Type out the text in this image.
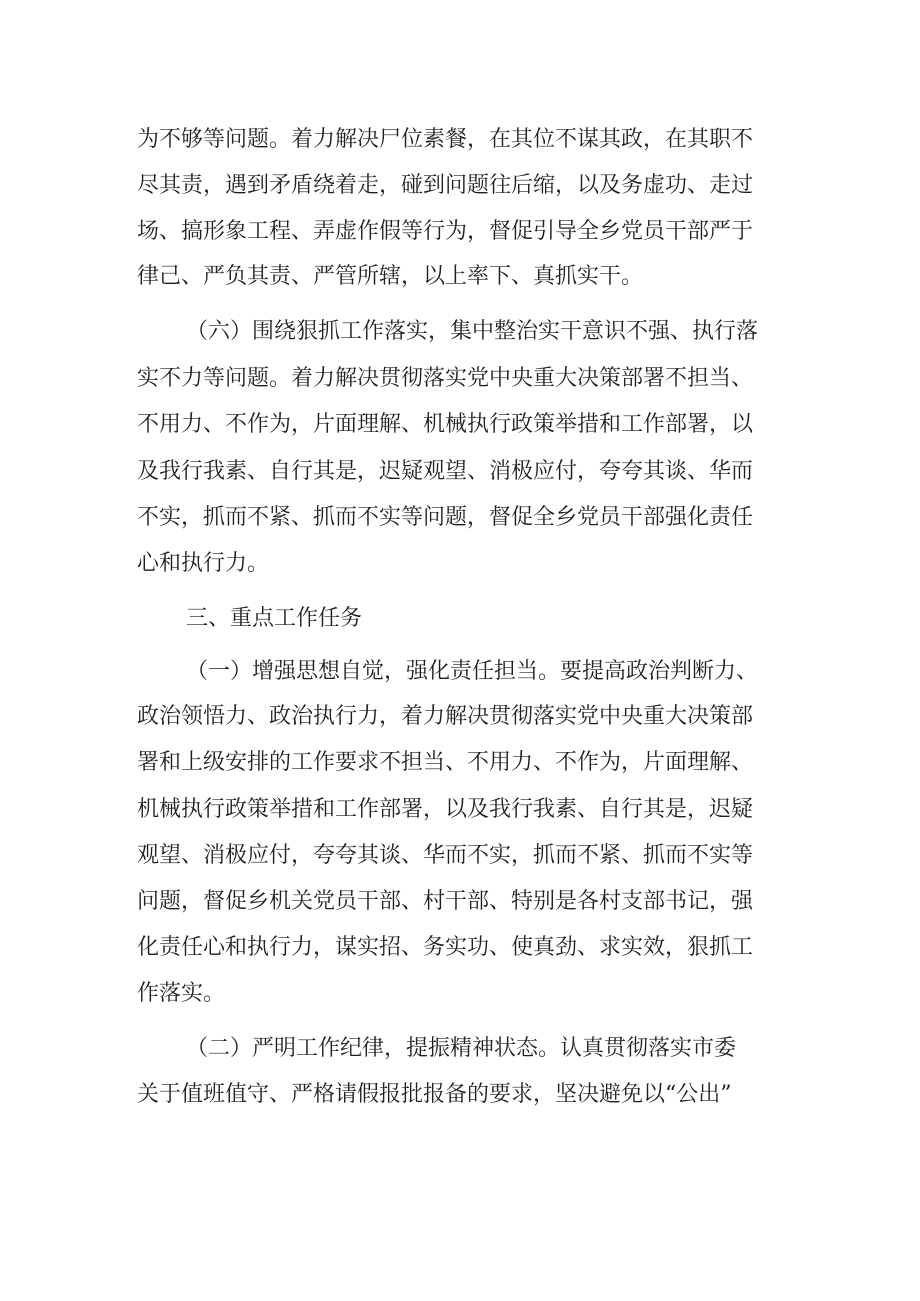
为不够等问题。着力解决尸位素餐，在其位不谋其政，在其职不
尽其责，遇到矛盾绕着走，碰到问题往后缩，以及务虚功、走过
场、搞形象工程、弄虚作假等行为，督促引导全乡党员干部严于
律己、严负其责、严管所辖，以上率下、真抓实干。
（六）围绕狠抓工作落实，集中整治实干意识不强、执行落
实不力等问题。着力解决贯彻落实党中央重大决策部署不担当、
不用力、不作为，片面理解、机械执行政策举措和工作部署，以
及我行我素、自行其是，迟疑观望、消极应付，夸夸其谈、华而
不实，抓而不紧、抓而不实等问题，督促全乡党员干部强化责任
心和执行力。
三、重点工作任务
（一）增强思想自觉，强化责任担当。要提高政治判断力、
政治领悟力、政治执行力，着力解决贯彻落实党中央重大决策部
署和上级安排的工作要求不担当、不用力、不作为，片面理解、
机械执行政策举措和工作部署，以及我行我素、自行其是，迟疑
观望、消极应付，夸夸其谈、华而不实，抓而不紧、抓而不实等
问题，督促乡机关党员干部、村干部、特别是各村支部书记，强
化责任心和执行力，谋实招、务实功、使真劲、求实效，狠抓工
作落实。
（二）严明工作纪律，提振精神状态。认真贯彻落实市委
关于值班值守、严格请假报批报备的要求，坚决避免以“公出”
